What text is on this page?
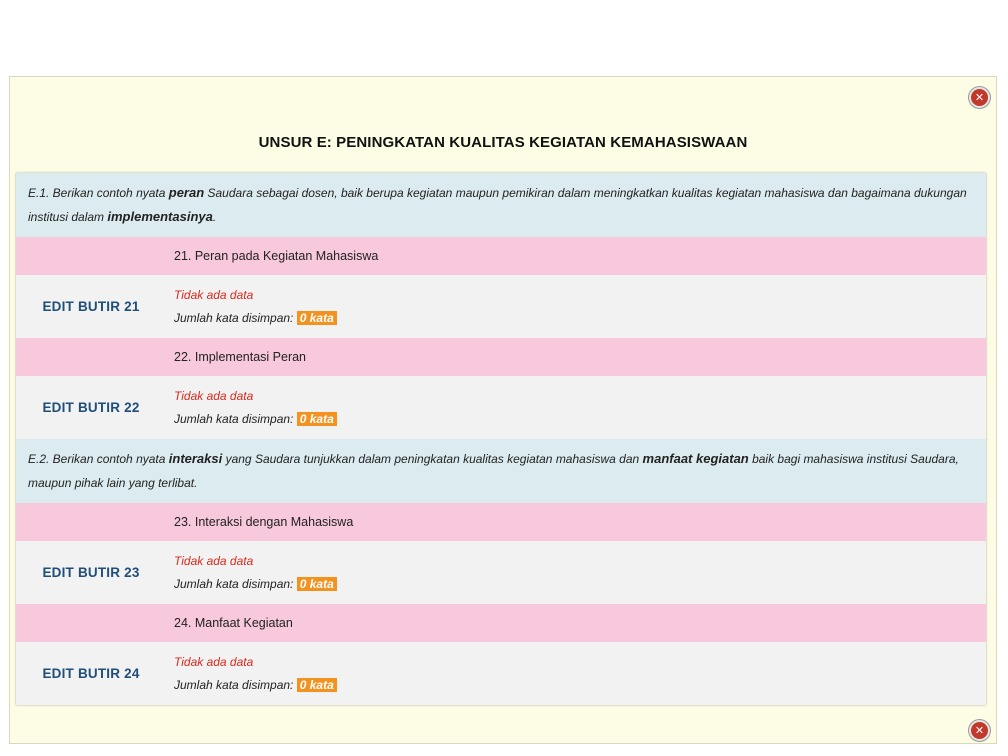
✕
UNSUR E: PENINGKATAN KUALITAS KEGIATAN KEMAHASISWAAN
E.1. Berikan contoh nyata peran Saudara sebagai dosen, baik berupa kegiatan maupun pemikiran dalam meningkatkan kualitas kegiatan mahasiswa dan bagaimana dukungan institusi dalam implementasinya.
21. Peran pada Kegiatan Mahasiswa
EDIT BUTIR 21
Tidak ada data
Jumlah kata disimpan: 0 kata
22. Implementasi Peran
EDIT BUTIR 22
Tidak ada data
Jumlah kata disimpan: 0 kata
E.2. Berikan contoh nyata interaksi yang Saudara tunjukkan dalam peningkatan kualitas kegiatan mahasiswa dan manfaat kegiatan baik bagi mahasiswa institusi Saudara, maupun pihak lain yang terlibat.
23. Interaksi dengan Mahasiswa
EDIT BUTIR 23
Tidak ada data
Jumlah kata disimpan: 0 kata
24. Manfaat Kegiatan
EDIT BUTIR 24
Tidak ada data
Jumlah kata disimpan: 0 kata
✕
